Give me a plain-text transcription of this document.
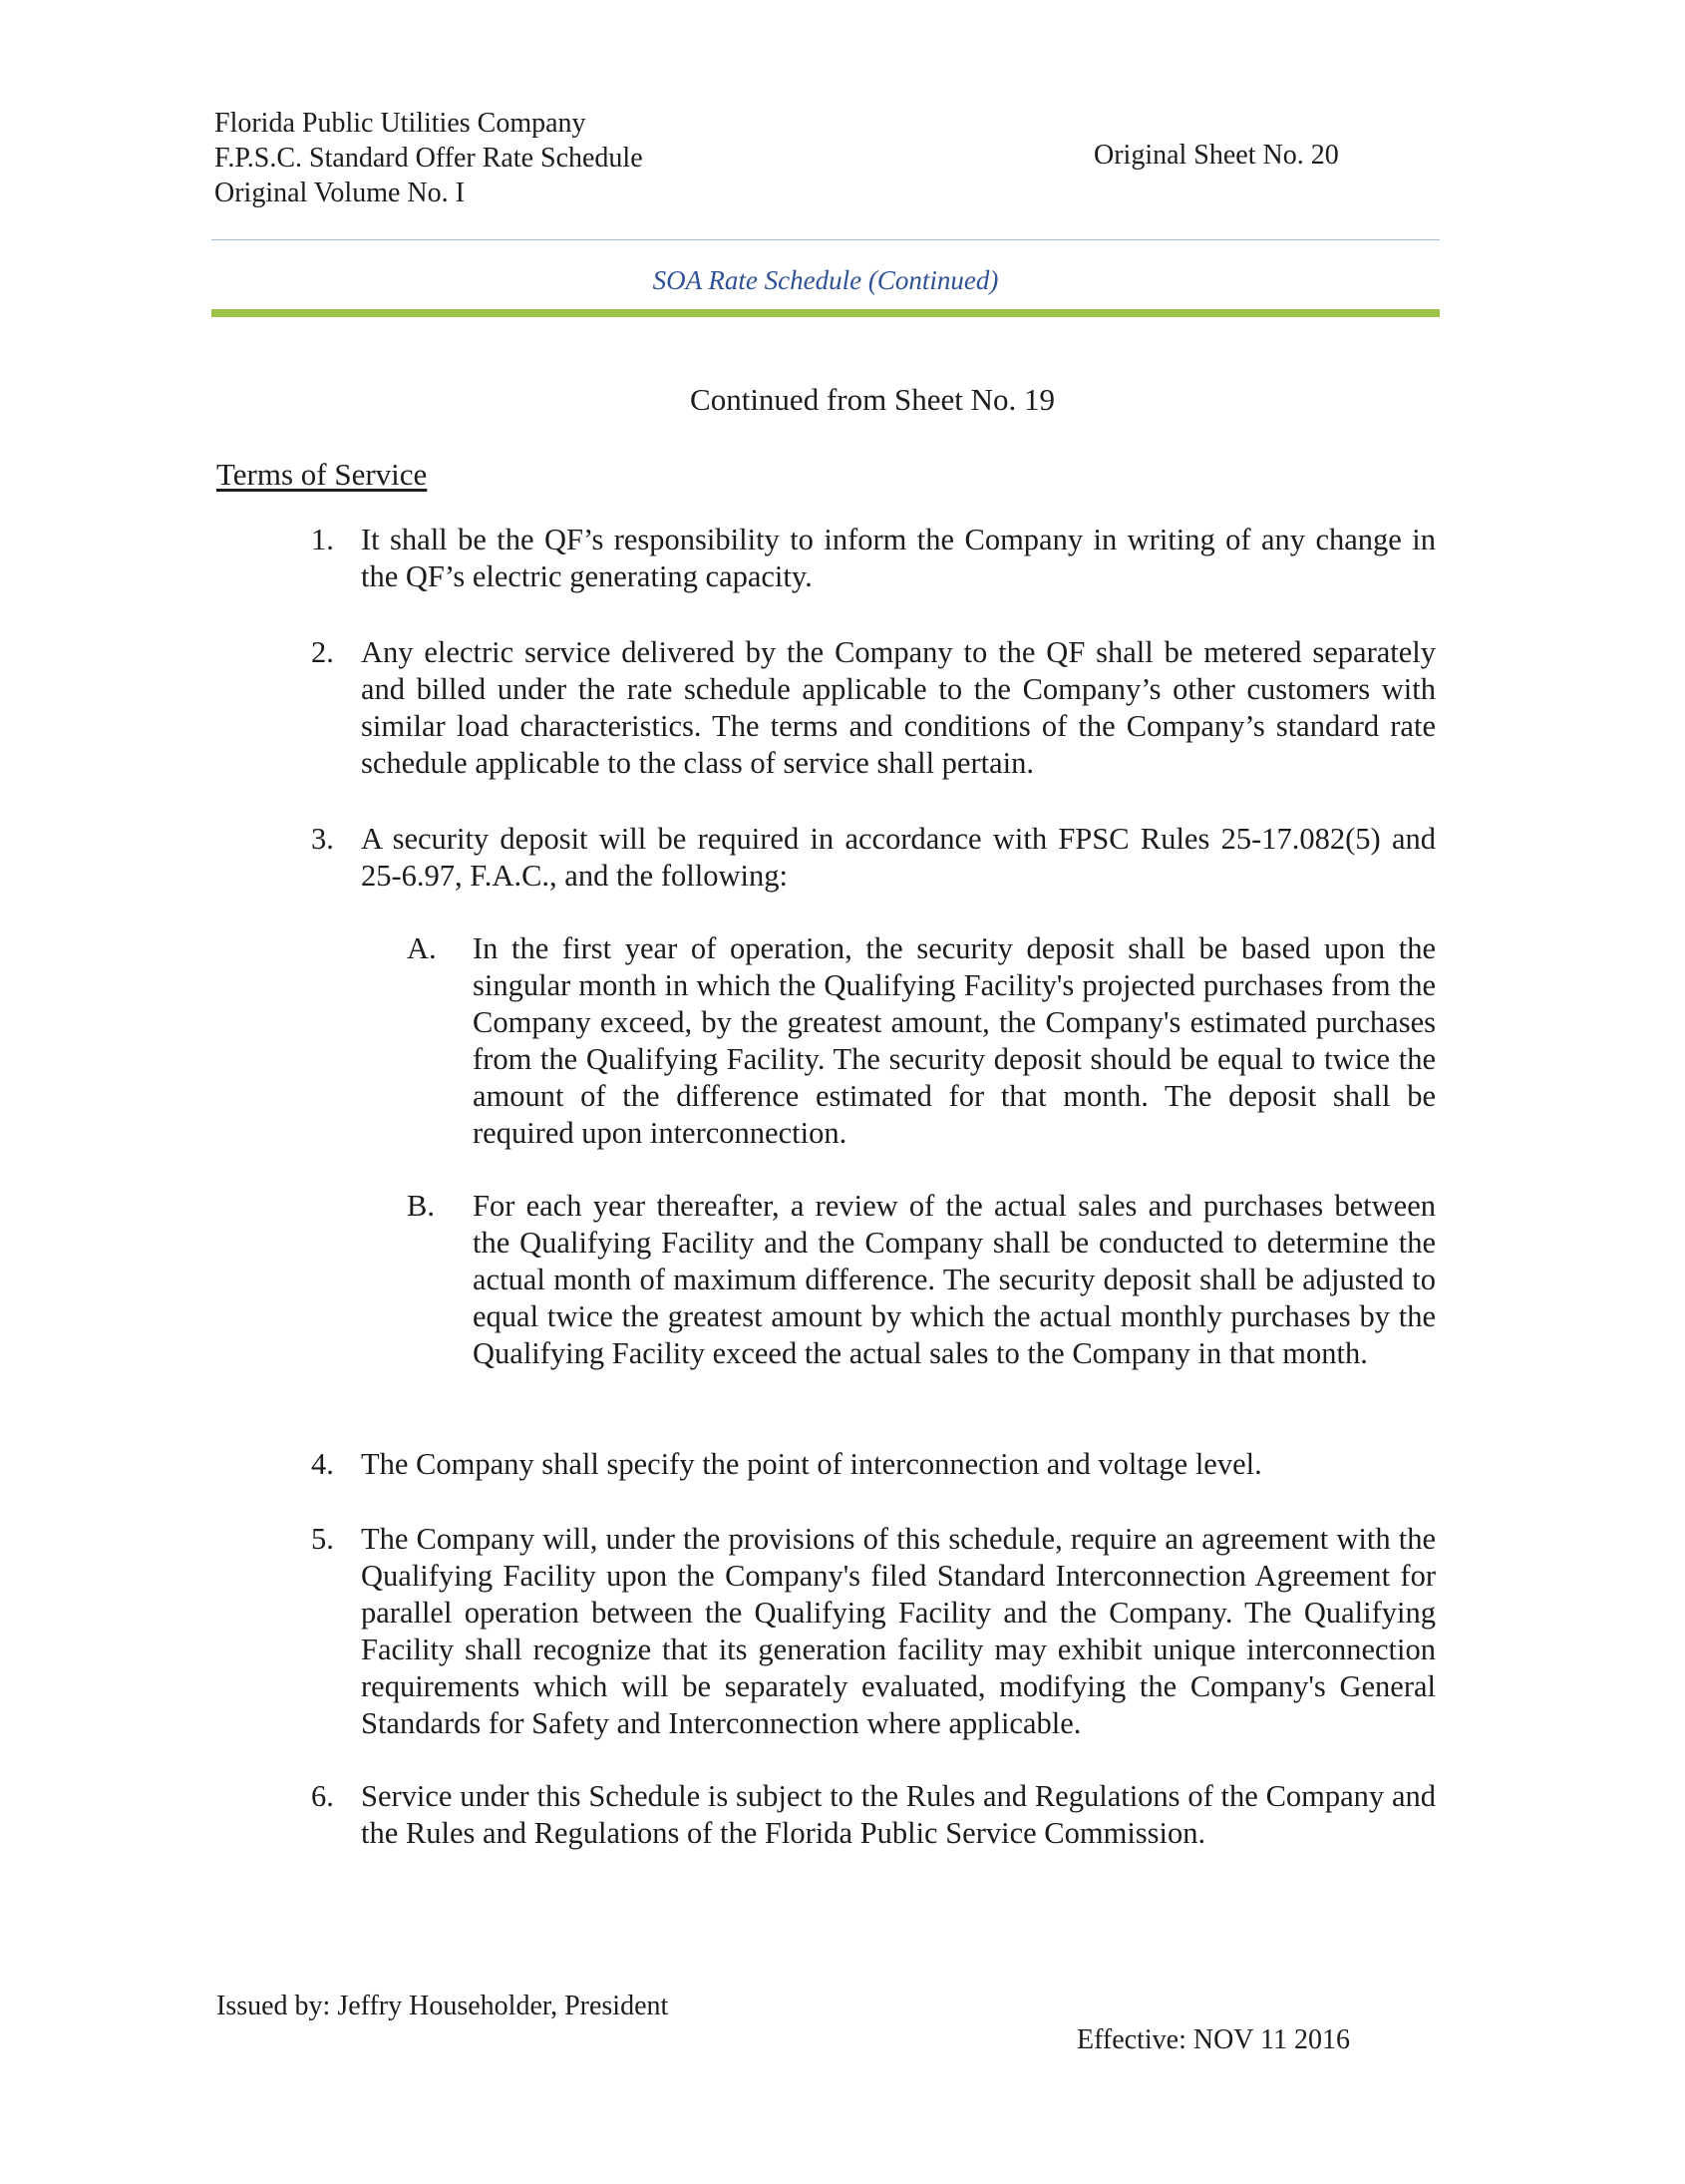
Florida Public Utilities Company
F.P.S.C. Standard Offer Rate Schedule
Original Volume No. I
Original Sheet No. 20
SOA Rate Schedule (Continued)
Continued from Sheet No. 19
Terms of Service
1. It shall be the QF’s responsibility to inform the Company in writing of any change in the QF’s electric generating capacity.
2. Any electric service delivered by the Company to the QF shall be metered separately and billed under the rate schedule applicable to the Company’s other customers with similar load characteristics. The terms and conditions of the Company’s standard rate schedule applicable to the class of service shall pertain.
3. A security deposit will be required in accordance with FPSC Rules 25-17.082(5) and 25-6.97, F.A.C., and the following:
A.	In the first year of operation, the security deposit shall be based upon the singular month in which the Qualifying Facility's projected purchases from the Company exceed, by the greatest amount, the Company's estimated purchases from the Qualifying Facility. The security deposit should be equal to twice the amount of the difference estimated for that month. The deposit shall be required upon interconnection.
B.	For each year thereafter, a review of the actual sales and purchases between the Qualifying Facility and the Company shall be conducted to determine the actual month of maximum difference. The security deposit shall be adjusted to equal twice the greatest amount by which the actual monthly purchases by the Qualifying Facility exceed the actual sales to the Company in that month.
4. The Company shall specify the point of interconnection and voltage level.
5. The Company will, under the provisions of this schedule, require an agreement with the Qualifying Facility upon the Company's filed Standard Interconnection Agreement for parallel operation between the Qualifying Facility and the Company. The Qualifying Facility shall recognize that its generation facility may exhibit unique interconnection requirements which will be separately evaluated, modifying the Company's General Standards for Safety and Interconnection where applicable.
6. Service under this Schedule is subject to the Rules and Regulations of the Company and the Rules and Regulations of the Florida Public Service Commission.
Issued by: Jeffry Householder, President
Effective: NOV 11 2016
